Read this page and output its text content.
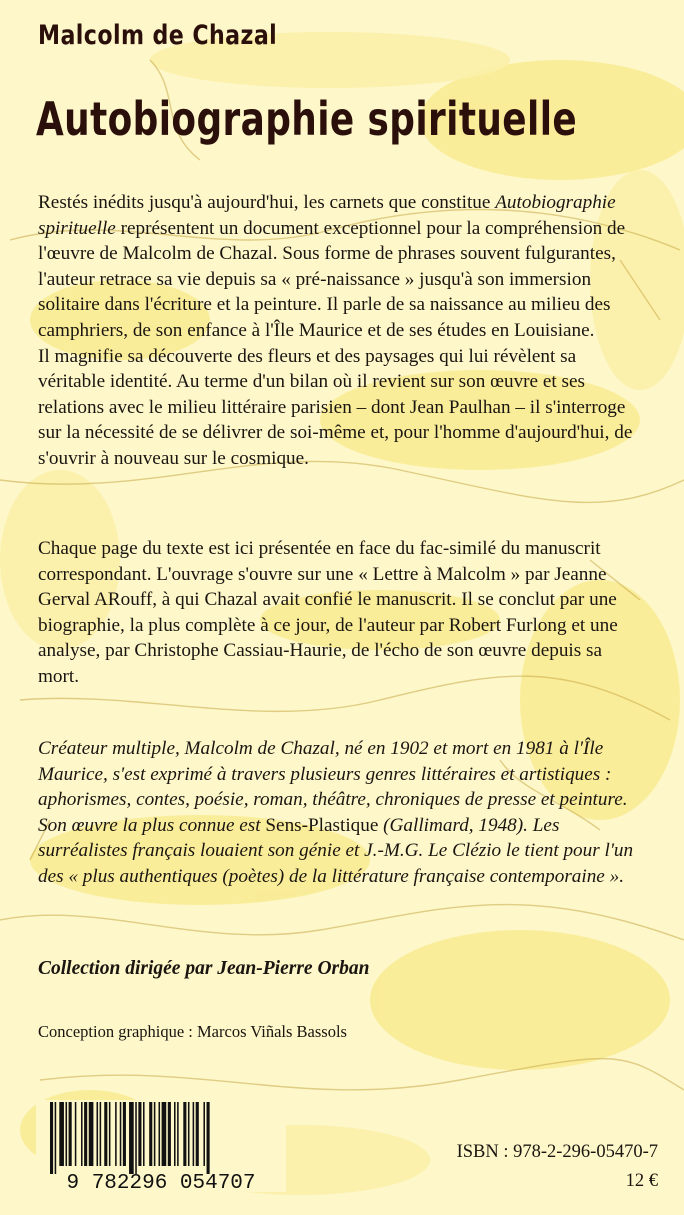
Malcolm de Chazal
Autobiographie spirituelle
Restés inédits jusqu'à aujourd'hui, les carnets que constitue Autobiographie spirituelle représentent un document exceptionnel pour la compréhension de l'œuvre de Malcolm de Chazal. Sous forme de phrases souvent fulgurantes, l'auteur retrace sa vie depuis sa « pré-naissance » jusqu'à son immersion solitaire dans l'écriture et la peinture. Il parle de sa naissance au milieu des camphriers, de son enfance à l'Île Maurice et de ses études en Louisiane.
Il magnifie sa découverte des fleurs et des paysages qui lui révèlent sa véritable identité. Au terme d'un bilan où il revient sur son œuvre et ses relations avec le milieu littéraire parisien – dont Jean Paulhan – il s'interroge sur la nécessité de se délivrer de soi-même et, pour l'homme d'aujourd'hui, de s'ouvrir à nouveau sur le cosmique.

Chaque page du texte est ici présentée en face du fac-similé du manuscrit correspondant. L'ouvrage s'ouvre sur une « Lettre à Malcolm » par Jeanne Gerval ARouff, à qui Chazal avait confié le manuscrit. Il se conclut par une biographie, la plus complète à ce jour, de l'auteur par Robert Furlong et une analyse, par Christophe Cassiau-Haurie, de l'écho de son œuvre depuis sa mort.

Créateur multiple, Malcolm de Chazal, né en 1902 et mort en 1981 à l'Île Maurice, s'est exprimé à travers plusieurs genres littéraires et artistiques : aphorismes, contes, poésie, roman, théâtre, chroniques de presse et peinture. Son œuvre la plus connue est Sens-Plastique (Gallimard, 1948). Les surréalistes français louaient son génie et J.-M.G. Le Clézio le tient pour l'un des « plus authentiques (poètes) de la littérature française contemporaine ».
Collection dirigée par Jean-Pierre Orban
Conception graphique : Marcos Viñals Bassols
9 782296 054707
ISBN : 978-2-296-05470-7
12 €
